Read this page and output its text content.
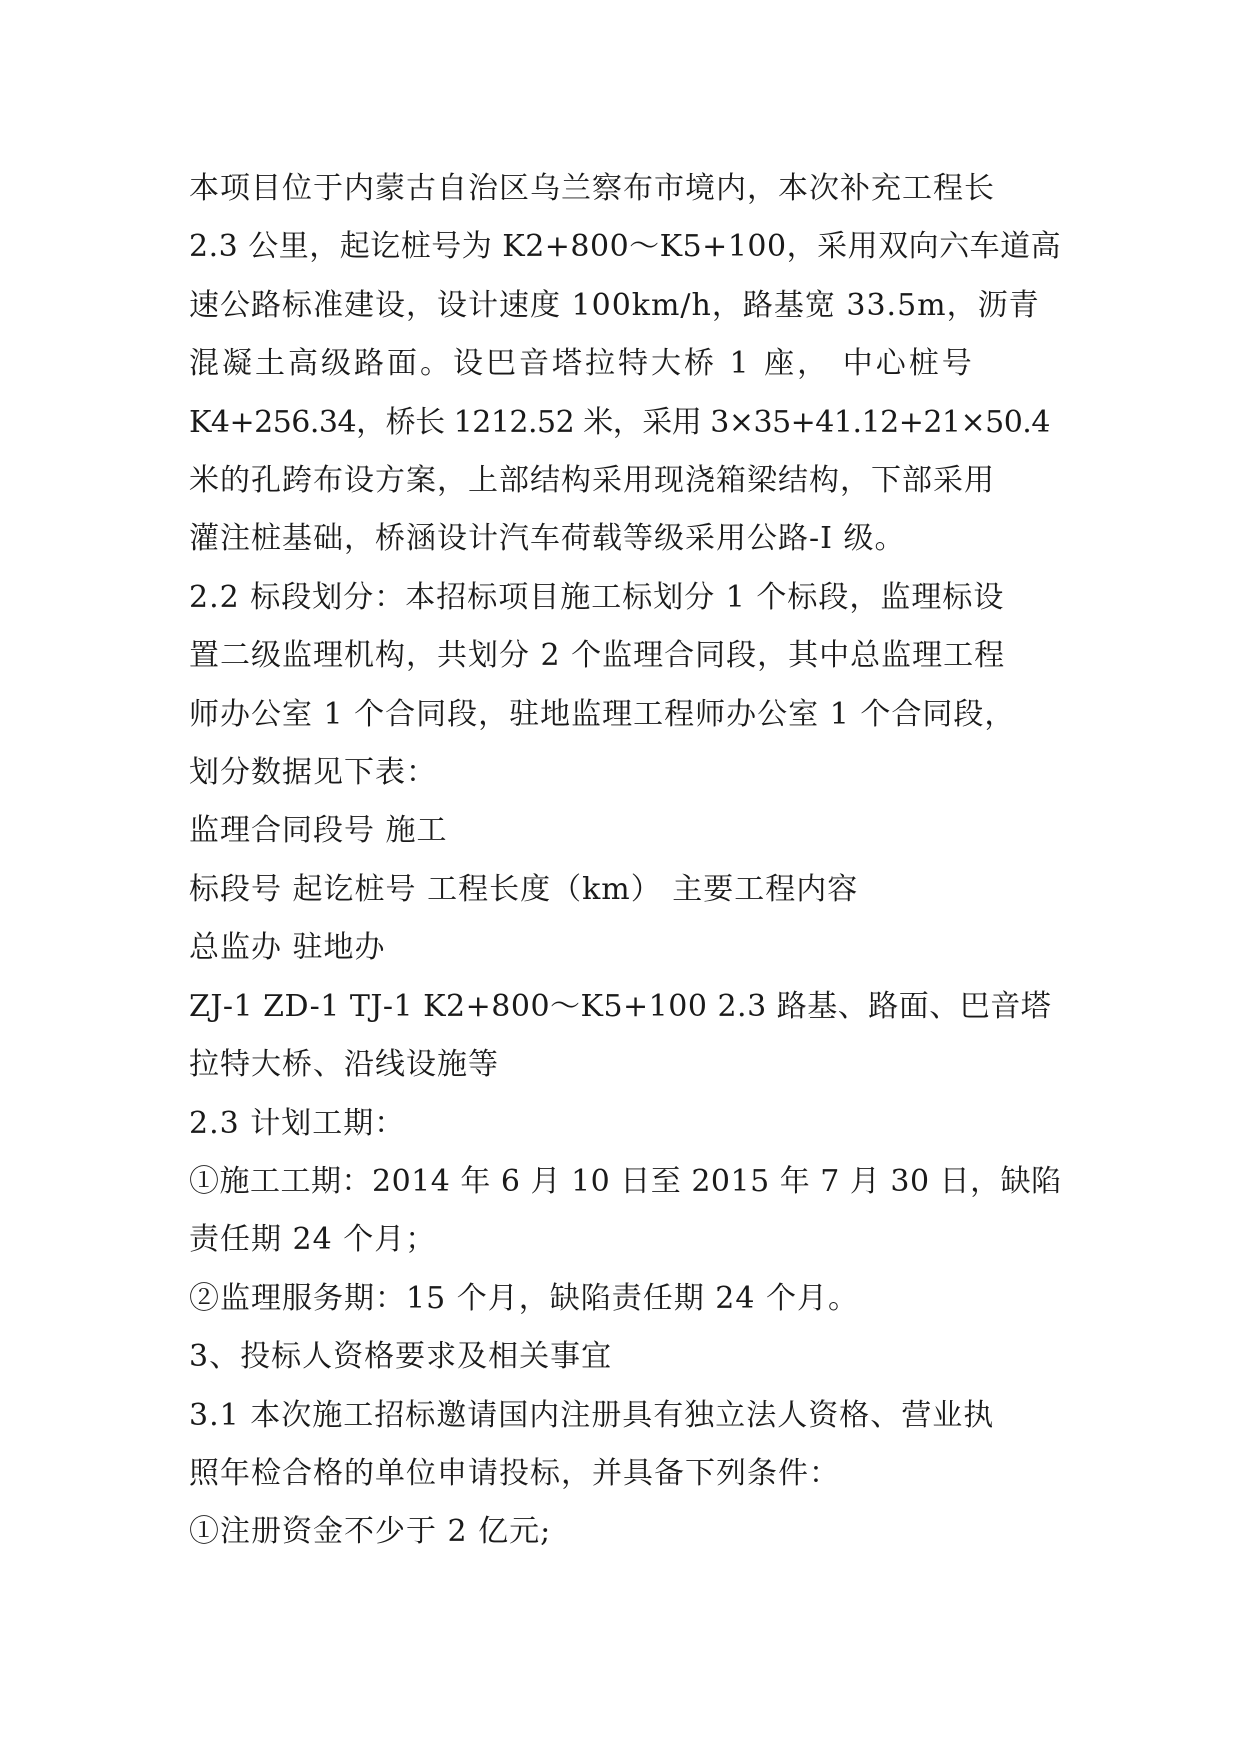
本项目位于内蒙古自治区乌兰察布市境内，本次补充工程长
2.3 公里，起讫桩号为 K2+800～K5+100，采用双向六车道高
速公路标准建设，设计速度 100km/h，路基宽 33.5m，沥青
混凝土高级路面。设巴音塔拉特大桥 1 座， 中心桩号
K4+256.34，桥长 1212.52 米，采用 3×35+41.12+21×50.4
米的孔跨布设方案，上部结构采用现浇箱梁结构，下部采用
灌注桩基础，桥涵设计汽车荷载等级采用公路-I 级。
2.2 标段划分：本招标项目施工标划分 1 个标段，监理标设
置二级监理机构，共划分 2 个监理合同段，其中总监理工程
师办公室 1 个合同段，驻地监理工程师办公室 1 个合同段，
划分数据见下表：
监理合同段号 施工
标段号 起讫桩号 工程长度（km） 主要工程内容
总监办 驻地办
ZJ-1 ZD-1 TJ-1 K2+800～K5+100 2.3 路基、路面、巴音塔
拉特大桥、沿线设施等
2.3 计划工期：
①施工工期：2014 年 6 月 10 日至 2015 年 7 月 30 日，缺陷
责任期 24 个月；
②监理服务期：15 个月，缺陷责任期 24 个月。
3、投标人资格要求及相关事宜
3.1 本次施工招标邀请国内注册具有独立法人资格、营业执
照年检合格的单位申请投标，并具备下列条件：
①注册资金不少于 2 亿元;
